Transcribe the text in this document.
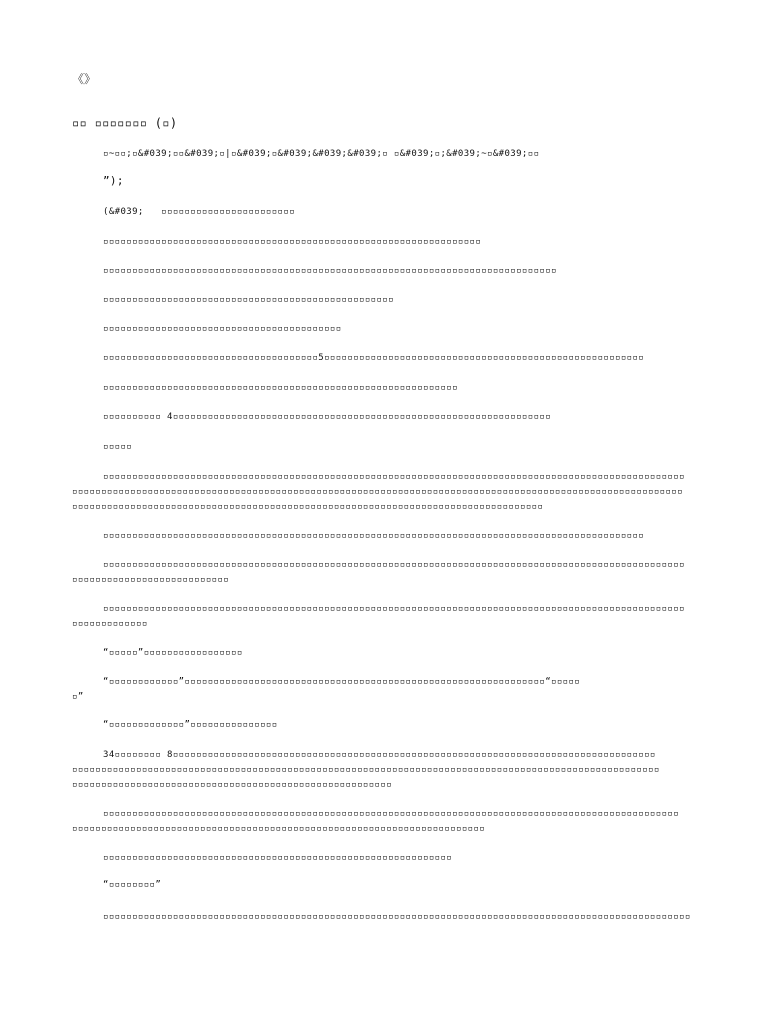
《》

▫▫ ▫▫▫▫▫▫▫ (▫)

▫~▫▫;▫&#039;▫▫&#039;▫|▫&#039;▫&#039;&#039;&#039;▫ ▫&#039;▫;&#039;~▫&#039;▫▫

”);

(&#039;   ▫▫▫▫▫▫▫▫▫▫▫▫▫▫▫▫▫▫▫▫▫▫▫

▫▫▫▫▫▫▫▫▫▫▫▫▫▫▫▫▫▫▫▫▫▫▫▫▫▫▫▫▫▫▫▫▫▫▫▫▫▫▫▫▫▫▫▫▫▫▫▫▫▫▫▫▫▫▫▫▫▫▫▫▫▫▫▫▫

▫▫▫▫▫▫▫▫▫▫▫▫▫▫▫▫▫▫▫▫▫▫▫▫▫▫▫▫▫▫▫▫▫▫▫▫▫▫▫▫▫▫▫▫▫▫▫▫▫▫▫▫▫▫▫▫▫▫▫▫▫▫▫▫▫▫▫▫▫▫▫▫▫▫▫▫▫▫

▫▫▫▫▫▫▫▫▫▫▫▫▫▫▫▫▫▫▫▫▫▫▫▫▫▫▫▫▫▫▫▫▫▫▫▫▫▫▫▫▫▫▫▫▫▫▫▫▫▫

▫▫▫▫▫▫▫▫▫▫▫▫▫▫▫▫▫▫▫▫▫▫▫▫▫▫▫▫▫▫▫▫▫▫▫▫▫▫▫▫▫

▫▫▫▫▫▫▫▫▫▫▫▫▫▫▫▫▫▫▫▫▫▫▫▫▫▫▫▫▫▫▫▫▫▫▫▫▫5▫▫▫▫▫▫▫▫▫▫▫▫▫▫▫▫▫▫▫▫▫▫▫▫▫▫▫▫▫▫▫▫▫▫▫▫▫▫▫▫▫▫▫▫▫▫▫▫▫▫▫▫▫▫▫

▫▫▫▫▫▫▫▫▫▫▫▫▫▫▫▫▫▫▫▫▫▫▫▫▫▫▫▫▫▫▫▫▫▫▫▫▫▫▫▫▫▫▫▫▫▫▫▫▫▫▫▫▫▫▫▫▫▫▫▫▫

▫▫▫▫▫▫▫▫▫▫ 4▫▫▫▫▫▫▫▫▫▫▫▫▫▫▫▫▫▫▫▫▫▫▫▫▫▫▫▫▫▫▫▫▫▫▫▫▫▫▫▫▫▫▫▫▫▫▫▫▫▫▫▫▫▫▫▫▫▫▫▫▫▫▫▫▫

▫▫▫▫▫

▫▫▫▫▫▫▫▫▫▫▫▫▫▫▫▫▫▫▫▫▫▫▫▫▫▫▫▫▫▫▫▫▫▫▫▫▫▫▫▫▫▫▫▫▫▫▫▫▫▫▫▫▫▫▫▫▫▫▫▫▫▫▫▫▫▫▫▫▫▫▫▫▫▫▫▫▫▫▫▫▫▫▫▫▫▫▫▫▫▫▫▫▫▫▫▫▫▫▫▫

▫▫▫▫▫▫▫▫▫▫▫▫▫▫▫▫▫▫▫▫▫▫▫▫▫▫▫▫▫▫▫▫▫▫▫▫▫▫▫▫▫▫▫▫▫▫▫▫▫▫▫▫▫▫▫▫▫▫▫▫▫▫▫▫▫▫▫▫▫▫▫▫▫▫▫▫▫▫▫▫▫▫▫▫▫▫▫▫▫▫▫▫▫▫▫▫▫▫▫▫▫▫▫▫▫

▫▫▫▫▫▫▫▫▫▫▫▫▫▫▫▫▫▫▫▫▫▫▫▫▫▫▫▫▫▫▫▫▫▫▫▫▫▫▫▫▫▫▫▫▫▫▫▫▫▫▫▫▫▫▫▫▫▫▫▫▫▫▫▫▫▫▫▫▫▫▫▫▫▫▫▫▫▫▫▫▫

▫▫▫▫▫▫▫▫▫▫▫▫▫▫▫▫▫▫▫▫▫▫▫▫▫▫▫▫▫▫▫▫▫▫▫▫▫▫▫▫▫▫▫▫▫▫▫▫▫▫▫▫▫▫▫▫▫▫▫▫▫▫▫▫▫▫▫▫▫▫▫▫▫▫▫▫▫▫▫▫▫▫▫▫▫▫▫▫▫▫▫▫▫

▫▫▫▫▫▫▫▫▫▫▫▫▫▫▫▫▫▫▫▫▫▫▫▫▫▫▫▫▫▫▫▫▫▫▫▫▫▫▫▫▫▫▫▫▫▫▫▫▫▫▫▫▫▫▫▫▫▫▫▫▫▫▫▫▫▫▫▫▫▫▫▫▫▫▫▫▫▫▫▫▫▫▫▫▫▫▫▫▫▫▫▫▫▫▫▫▫▫▫▫

▫▫▫▫▫▫▫▫▫▫▫▫▫▫▫▫▫▫▫▫▫▫▫▫▫▫▫

▫▫▫▫▫▫▫▫▫▫▫▫▫▫▫▫▫▫▫▫▫▫▫▫▫▫▫▫▫▫▫▫▫▫▫▫▫▫▫▫▫▫▫▫▫▫▫▫▫▫▫▫▫▫▫▫▫▫▫▫▫▫▫▫▫▫▫▫▫▫▫▫▫▫▫▫▫▫▫▫▫▫▫▫▫▫▫▫▫▫▫▫▫▫▫▫▫▫▫▫

▫▫▫▫▫▫▫▫▫▫▫▫▫

“▫▫▫▫▫”▫▫▫▫▫▫▫▫▫▫▫▫▫▫▫▫▫

“▫▫▫▫▫▫▫▫▫▫▫▫”▫▫▫▫▫▫▫▫▫▫▫▫▫▫▫▫▫▫▫▫▫▫▫▫▫▫▫▫▫▫▫▫▫▫▫▫▫▫▫▫▫▫▫▫▫▫▫▫▫▫▫▫▫▫▫▫▫▫▫▫▫▫“▫▫▫▫▫

▫”

“▫▫▫▫▫▫▫▫▫▫▫▫▫”▫▫▫▫▫▫▫▫▫▫▫▫▫▫▫

34▫▫▫▫▫▫▫▫ 8▫▫▫▫▫▫▫▫▫▫▫▫▫▫▫▫▫▫▫▫▫▫▫▫▫▫▫▫▫▫▫▫▫▫▫▫▫▫▫▫▫▫▫▫▫▫▫▫▫▫▫▫▫▫▫▫▫▫▫▫▫▫▫▫▫▫▫▫▫▫▫▫▫▫▫▫▫▫▫▫▫▫▫

▫▫▫▫▫▫▫▫▫▫▫▫▫▫▫▫▫▫▫▫▫▫▫▫▫▫▫▫▫▫▫▫▫▫▫▫▫▫▫▫▫▫▫▫▫▫▫▫▫▫▫▫▫▫▫▫▫▫▫▫▫▫▫▫▫▫▫▫▫▫▫▫▫▫▫▫▫▫▫▫▫▫▫▫▫▫▫▫▫▫▫▫▫▫▫▫▫▫▫▫▫

▫▫▫▫▫▫▫▫▫▫▫▫▫▫▫▫▫▫▫▫▫▫▫▫▫▫▫▫▫▫▫▫▫▫▫▫▫▫▫▫▫▫▫▫▫▫▫▫▫▫▫▫▫▫▫

▫▫▫▫▫▫▫▫▫▫▫▫▫▫▫▫▫▫▫▫▫▫▫▫▫▫▫▫▫▫▫▫▫▫▫▫▫▫▫▫▫▫▫▫▫▫▫▫▫▫▫▫▫▫▫▫▫▫▫▫▫▫▫▫▫▫▫▫▫▫▫▫▫▫▫▫▫▫▫▫▫▫▫▫▫▫▫▫▫▫▫▫▫▫▫▫▫▫▫

▫▫▫▫▫▫▫▫▫▫▫▫▫▫▫▫▫▫▫▫▫▫▫▫▫▫▫▫▫▫▫▫▫▫▫▫▫▫▫▫▫▫▫▫▫▫▫▫▫▫▫▫▫▫▫▫▫▫▫▫▫▫▫▫▫▫▫▫▫▫▫

▫▫▫▫▫▫▫▫▫▫▫▫▫▫▫▫▫▫▫▫▫▫▫▫▫▫▫▫▫▫▫▫▫▫▫▫▫▫▫▫▫▫▫▫▫▫▫▫▫▫▫▫▫▫▫▫▫▫▫▫

“▫▫▫▫▫▫▫▫”

▫▫▫▫▫▫▫▫▫▫▫▫▫▫▫▫▫▫▫▫▫▫▫▫▫▫▫▫▫▫▫▫▫▫▫▫▫▫▫▫▫▫▫▫▫▫▫▫▫▫▫▫▫▫▫▫▫▫▫▫▫▫▫▫▫▫▫▫▫▫▫▫▫▫▫▫▫▫▫▫▫▫▫▫▫▫▫▫▫▫▫▫▫▫▫▫▫▫▫▫▫
